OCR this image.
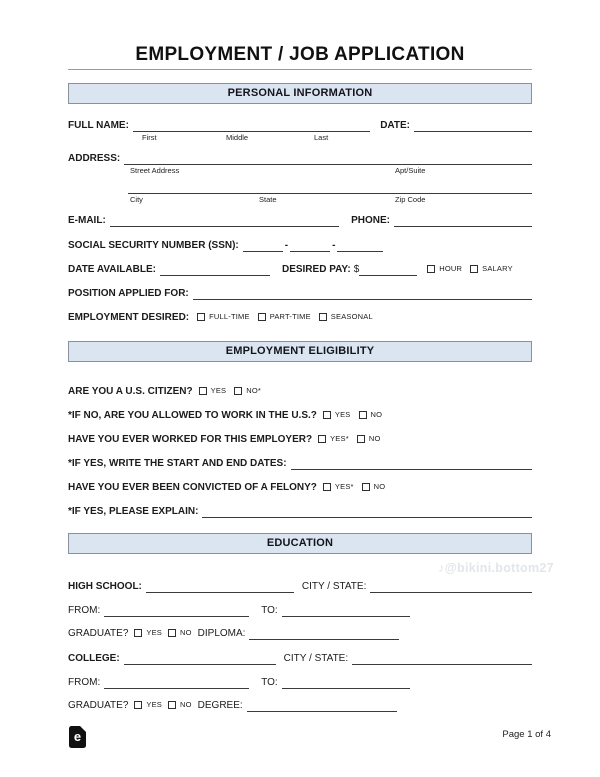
EMPLOYMENT / JOB APPLICATION
PERSONAL INFORMATION
FULL NAME:	DATE:
First	Middle	Last
ADDRESS:
Street Address	Apt/Suite
City	State	Zip Code
E-MAIL:	PHONE:
SOCIAL SECURITY NUMBER (SSN):	-	-
DATE AVAILABLE:	DESIRED PAY: $	HOUR	SALARY
POSITION APPLIED FOR:
EMPLOYMENT DESIRED:	FULL-TIME	PART-TIME	SEASONAL
EMPLOYMENT ELIGIBILITY
ARE YOU A U.S. CITIZEN? YES	NO*
*IF NO, ARE YOU ALLOWED TO WORK IN THE U.S.? YES	NO
HAVE YOU EVER WORKED FOR THIS EMPLOYER? YES*	NO
*IF YES, WRITE THE START AND END DATES:
HAVE YOU EVER BEEN CONVICTED OF A FELONY? YES*	NO
*IF YES, PLEASE EXPLAIN:
EDUCATION
HIGH SCHOOL:	CITY / STATE:
FROM:	TO:
GRADUATE? YES NO DIPLOMA:
COLLEGE:	CITY / STATE:
FROM:	TO:
GRADUATE? YES NO DEGREE:
♪@bikini.bottom27
e	Page 1 of 4
